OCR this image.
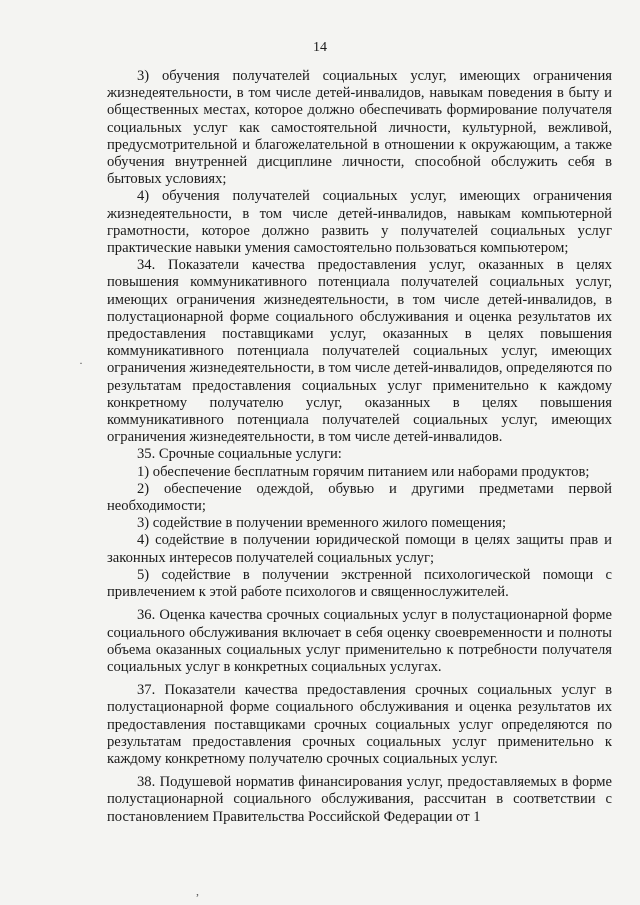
14

3) обучения получателей социальных услуг, имеющих ограничения жизнедеятельности, в том числе детей-инвалидов, навыкам поведения в быту и общественных местах, которое должно обеспечивать формирование получателя социальных услуг как самостоятельной личности, культурной, вежливой, предусмотрительной и благожелательной в отношении к окружающим, а также обучения внутренней дисциплине личности, способной обслужить себя в бытовых условиях;

4) обучения получателей социальных услуг, имеющих ограничения жизнедеятельности, в том числе детей-инвалидов, навыкам компьютерной грамотности, которое должно развить у получателей социальных услуг практические навыки умения самостоятельно пользоваться компьютером;

34. Показатели качества предоставления услуг, оказанных в целях повышения коммуникативного потенциала получателей социальных услуг, имеющих ограничения жизнедеятельности, в том числе детей-инвалидов, в полустационарной форме социального обслуживания и оценка результатов их предоставления поставщиками услуг, оказанных в целях повышения коммуникативного потенциала получателей социальных услуг, имеющих ограничения жизнедеятельности, в том числе детей-инвалидов, определяются по результатам предоставления социальных услуг применительно к каждому конкретному получателю услуг, оказанных в целях повышения коммуникативного потенциала получателей социальных услуг, имеющих ограничения жизнедеятельности, в том числе детей-инвалидов.

35. Срочные социальные услуги:

1) обеспечение бесплатным горячим питанием или наборами продуктов;

2) обеспечение одеждой, обувью и другими предметами первой необходимости;

3) содействие в получении временного жилого помещения;

4) содействие в получении юридической помощи в целях защиты прав и законных интересов получателей социальных услуг;

5) содействие в получении экстренной психологической помощи с привлечением к этой работе психологов и священнослужителей.

36. Оценка качества срочных социальных услуг в полустационарной форме социального обслуживания включает в себя оценку своевременности и полноты объема оказанных социальных услуг применительно к потребности получателя социальных услуг в конкретных социальных услугах.

37. Показатели качества предоставления срочных социальных услуг в полустационарной форме социального обслуживания и оценка результатов их предоставления поставщиками срочных социальных услуг определяются по результатам предоставления срочных социальных услуг применительно к каждому конкретному получателю срочных социальных услуг.

38. Подушевой норматив финансирования услуг, предоставляемых в форме полустационарной социального обслуживания, рассчитан в соответствии с постановлением Правительства Российской Федерации от 1

·
,
